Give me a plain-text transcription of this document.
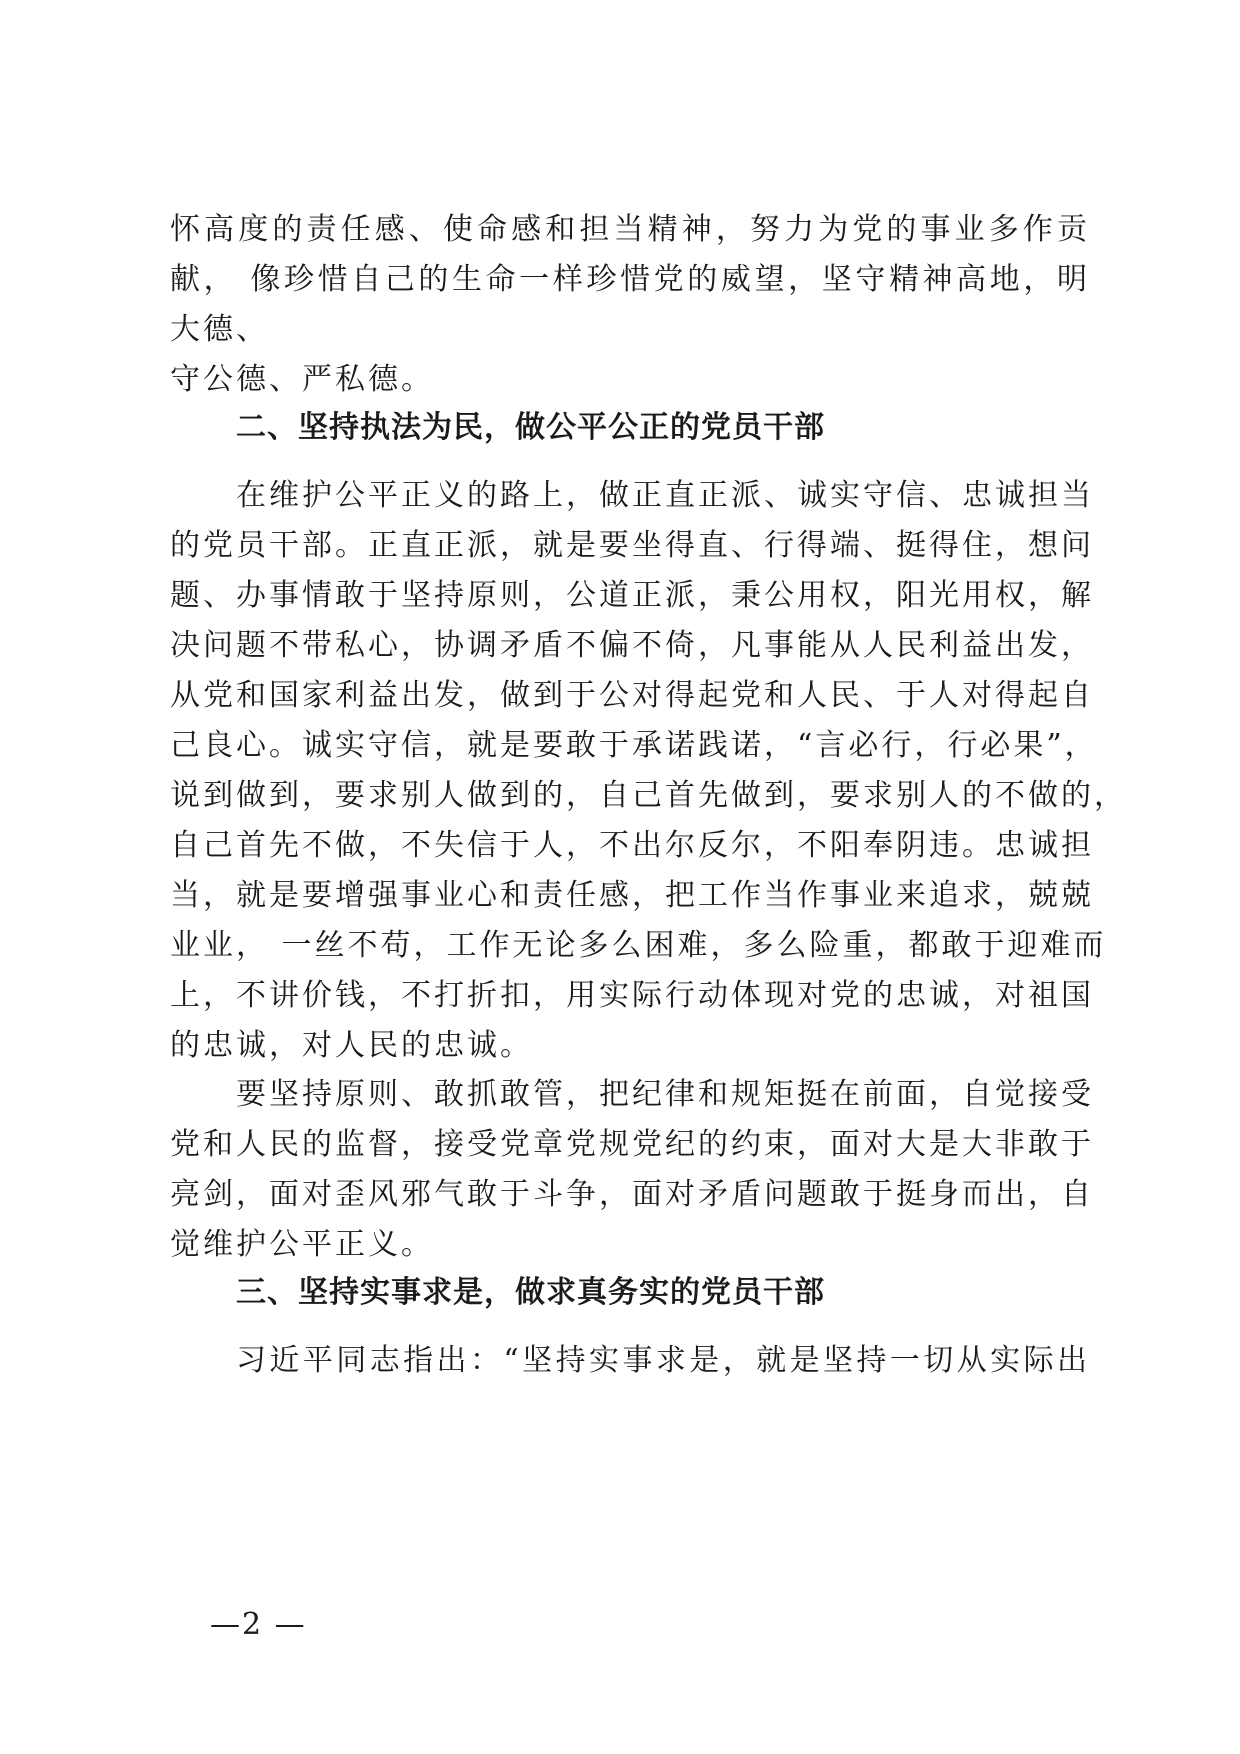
怀高度的责任感、使命感和担当精神，努力为党的事业多作贡
献， 像珍惜自己的生命一样珍惜党的威望，坚守精神高地，明
大德、
守公德、严私德。

二、坚持执法为民，做公平公正的党员干部

在维护公平正义的路上，做正直正派、诚实守信、忠诚担当
的党员干部。正直正派，就是要坐得直、行得端、挺得住，想问
题、办事情敢于坚持原则，公道正派，秉公用权，阳光用权，解
决问题不带私心，协调矛盾不偏不倚，凡事能从人民利益出发，
从党和国家利益出发，做到于公对得起党和人民、于人对得起自
己良心。诚实守信，就是要敢于承诺践诺，“言必行，行必果”，
说到做到，要求别人做到的，自己首先做到，要求别人的不做的，
自己首先不做，不失信于人，不出尔反尔，不阳奉阴违。忠诚担
当，就是要增强事业心和责任感，把工作当作事业来追求，兢兢
业业， 一丝不苟，工作无论多么困难，多么险重，都敢于迎难而
上，不讲价钱，不打折扣，用实际行动体现对党的忠诚，对祖国
的忠诚，对人民的忠诚。

要坚持原则、敢抓敢管，把纪律和规矩挺在前面，自觉接受
党和人民的监督，接受党章党规党纪的约束，面对大是大非敢于
亮剑，面对歪风邪气敢于斗争，面对矛盾问题敢于挺身而出，自
觉维护公平正义。

三、坚持实事求是，做求真务实的党员干部

习近平同志指出：“坚持实事求是，就是坚持一切从实际出

—2 —
